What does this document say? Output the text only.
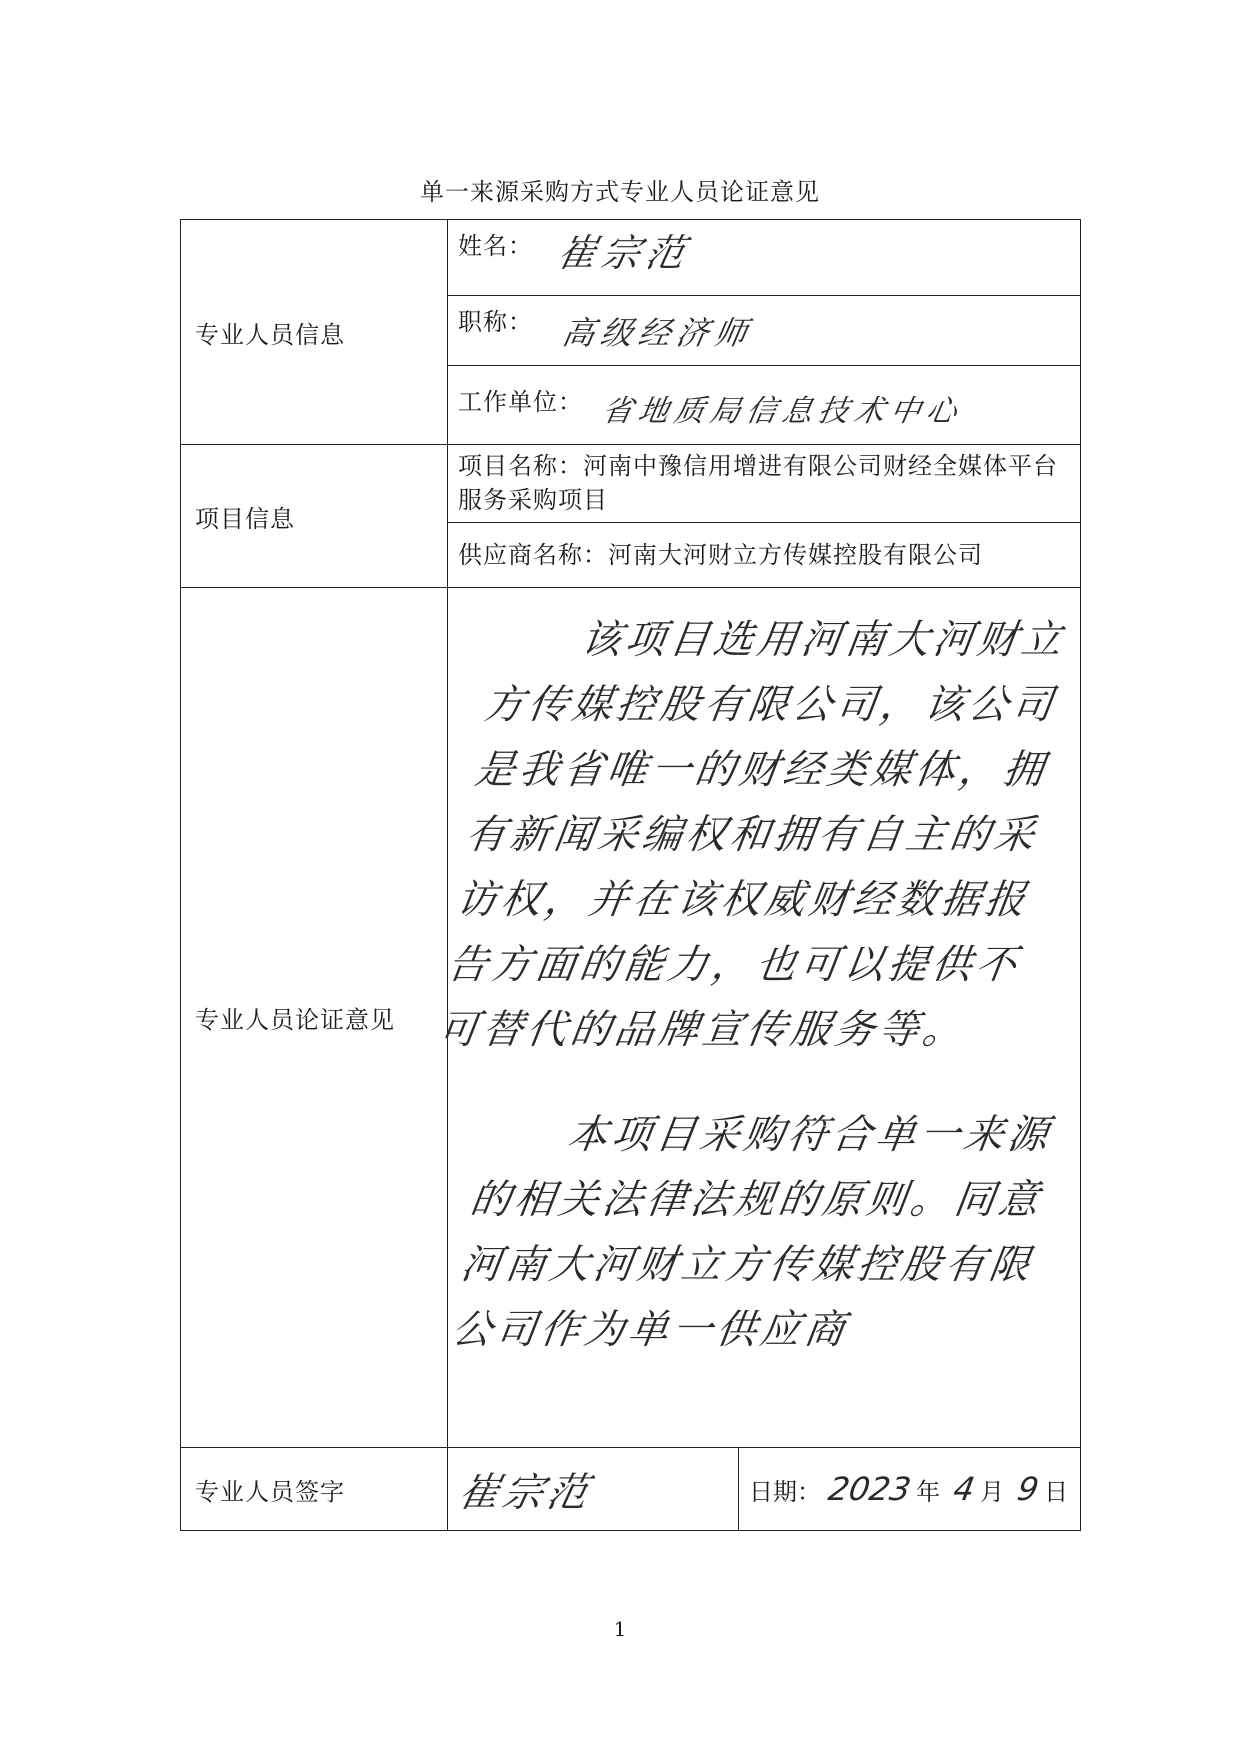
单一来源采购方式专业人员论证意见
专业人员信息	姓名： 崔宗范	

	职称： 高级经济师	

	工作单位： 省地质局信息技术中心	

项目信息	项目名称：河南中豫信用增进有限公司财经全媒体平台服务采购项目	
	供应商名称：河南大河财立方传媒控股有限公司	
专业人员论证意见	该项目选用河南大河财立方传媒控股有限公司，该公司是我省唯一的财经类媒体，拥有新闻采编权和拥有自主的采访权，并在该权威财经数据报告方面的能力，也可以提供不可替代的品牌宣传服务等。

本项目采购符合单一来源的相关法律法规的原则。同意河南大河财立方传媒控股有限公司作为单一供应商	

专业人员签字	崔宗范	日期： 2023 年 4 月 9 日
1
